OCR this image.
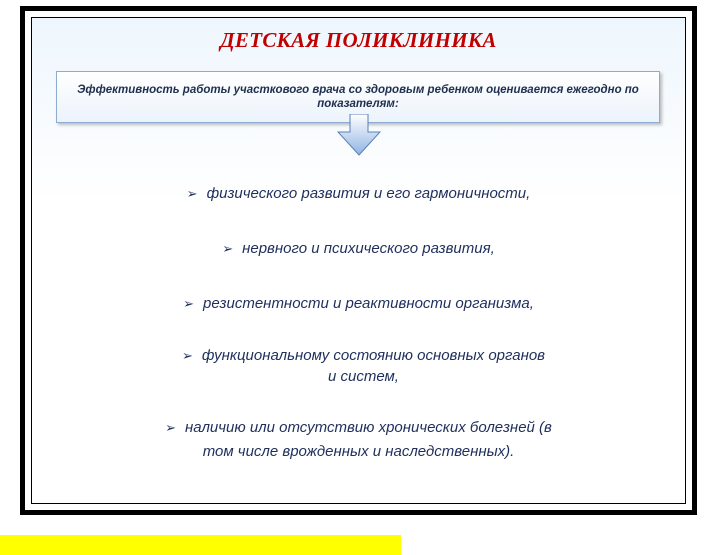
ДЕТСКАЯ ПОЛИКЛИНИКА
Эффективность работы участкового врача со здоровым ребенком оценивается ежегодно по показателям:
➢ физического развития и его гармоничности,
➢ нервного и психического развития,
➢ резистентности и реактивности организма,
➢ функциональному состоянию основных органов и систем,
➢ наличию или отсутствию хронических болезней (в том числе врожденных и наследственных).
